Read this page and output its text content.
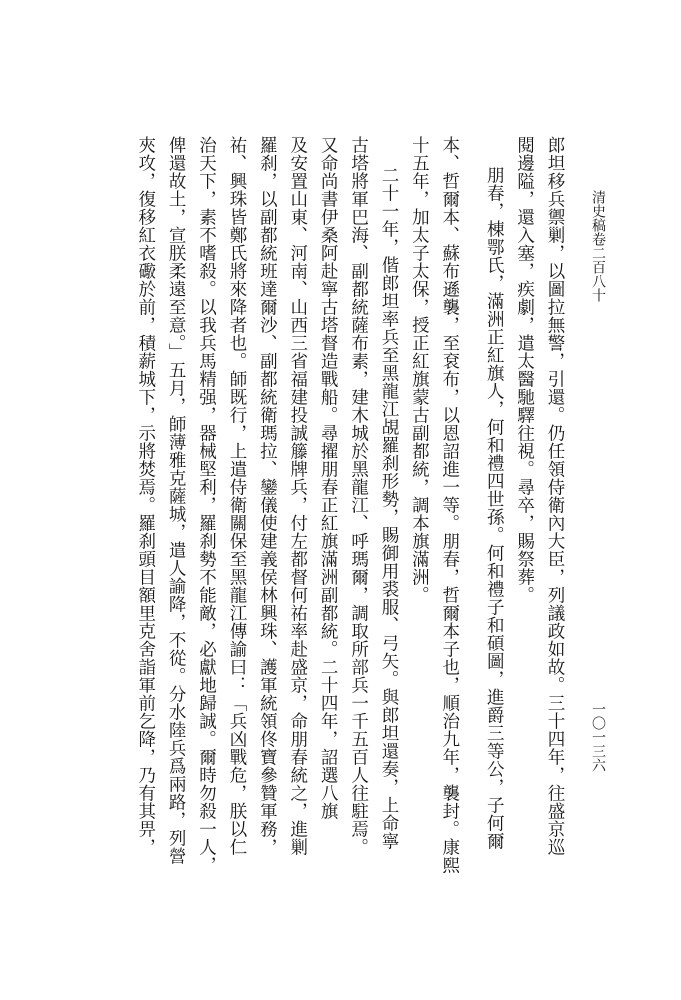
清史稿卷二百八十
郎坦移兵禦剿，以圖拉無警，引還。仍任領侍衛內大臣，列議政如故。三十四年，往盛京巡
閱邊隘，還入塞，疾劇，遣太醫馳驛往視。尋卒，賜祭葬。
朋春，棟鄂氏，滿洲正紅旗人，何和禮四世孫。何和禮子和碩圖，進爵三等公，子何爾
本、哲爾本、蘇布遜襲，至袞布，以恩詔進一等。朋春，哲爾本子也，順治九年，襲封。康熙
十五年，加太子太保，授正紅旗蒙古副都統，調本旗滿洲。
二十一年，偕郎坦率兵至黑龍江覘羅刹形勢，賜御用裘服、弓矢。與郎坦還奏，上命寧
古塔將軍巴海、副都統薩布素，建木城於黑龍江、呼瑪爾，調取所部兵一千五百人往駐焉。
又命尚書伊桑阿赴寧古塔督造戰船。尋擢朋春正紅旗滿洲副都統。二十四年，詔選八旗
及安置山東、河南、山西三省福建投誠籐牌兵，付左都督何祐率赴盛京，命朋春統之，進剿
羅刹，以副都統班達爾沙、副都統衛瑪拉、鑾儀使建義侯林興珠、護軍統領佟寶參贊軍務，
祐、興珠皆鄭氏將來降者也。師既行，上遣侍衛關保至黑龍江傳諭曰：「兵凶戰危，朕以仁
治天下，素不嗜殺。以我兵馬精强，器械堅利，羅刹勢不能敵，必獻地歸誠。爾時勿殺一人，
俾還故土，宣朕柔遠至意。」五月，師薄雅克薩城，遣人諭降，不從。分水陸兵爲兩路，列營
夾攻，復移紅衣礮於前，積薪城下，示將焚焉。羅刹頭目額里克舍詣軍前乞降，乃有其畀，	一〇一三六
